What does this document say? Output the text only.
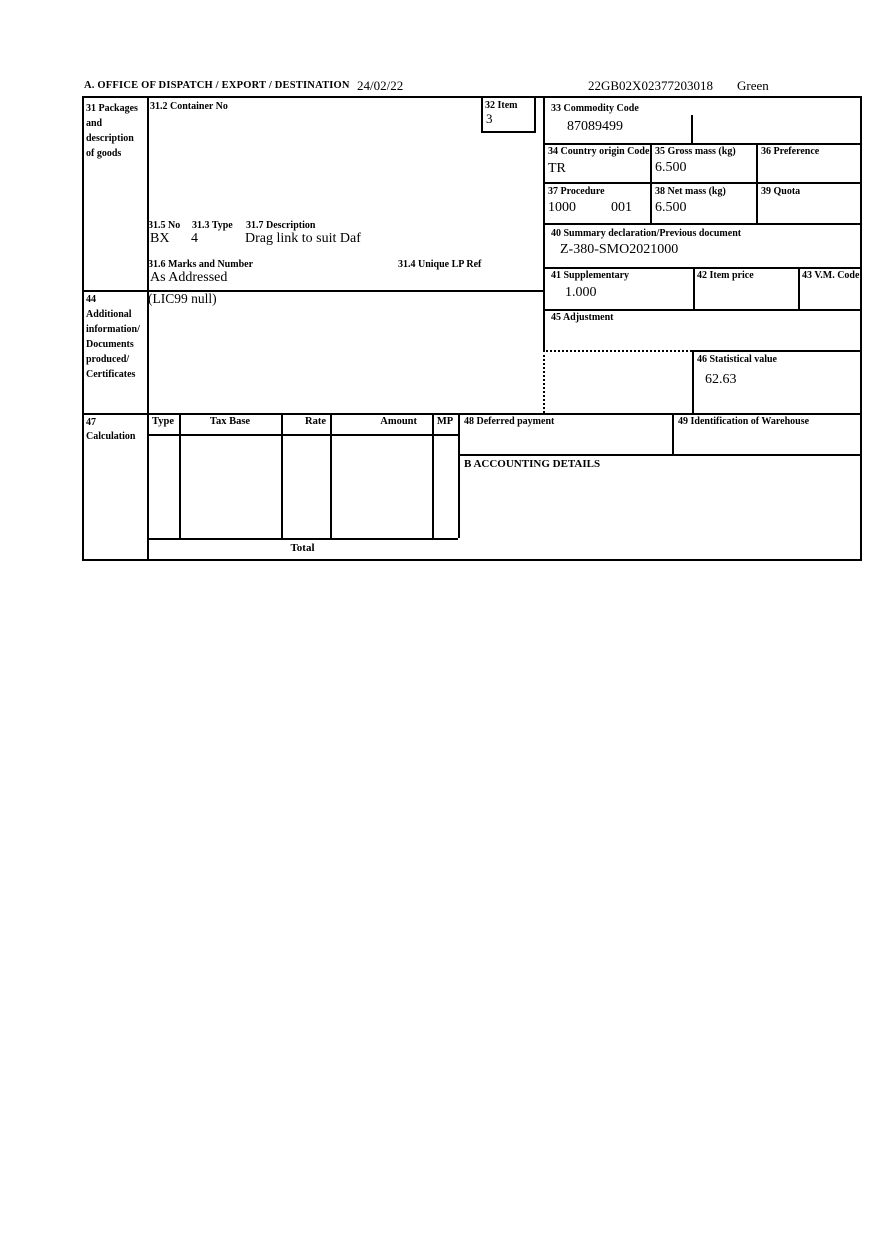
A. OFFICE OF DISPATCH / EXPORT / DESTINATION 24/02/22	22GB02X02377203018 Green
31 Packages
and
description
of goods
31.2 Container No	32 Item
3
33 Commodity Code
87089499
34 Country origin Code
TR
35 Gross mass (kg)
6.500
36 Preference
37 Procedure
1000	001
38 Net mass (kg)
6.500
39 Quota
31.5 No 31.3 Type 31.7 Description
BX 4	Drag link to suit Daf	40 Summary declaration/Previous document
Z-380-SMO2021000
31.6 Marks and Number	31.4 Unique LP Ref
As Addressed	41 Supplementary
1.000
42 Item price	43 V.M. Code
44
Additional
information/
Documents
produced/
Certificates
(LIC99 null)
45 Adjustment
46 Statistical value
62.63
47
Calculation
Type	Tax Base	Rate	Amount	MP
Total
48 Deferred payment	49 Identification of Warehouse
B ACCOUNTING DETAILS
